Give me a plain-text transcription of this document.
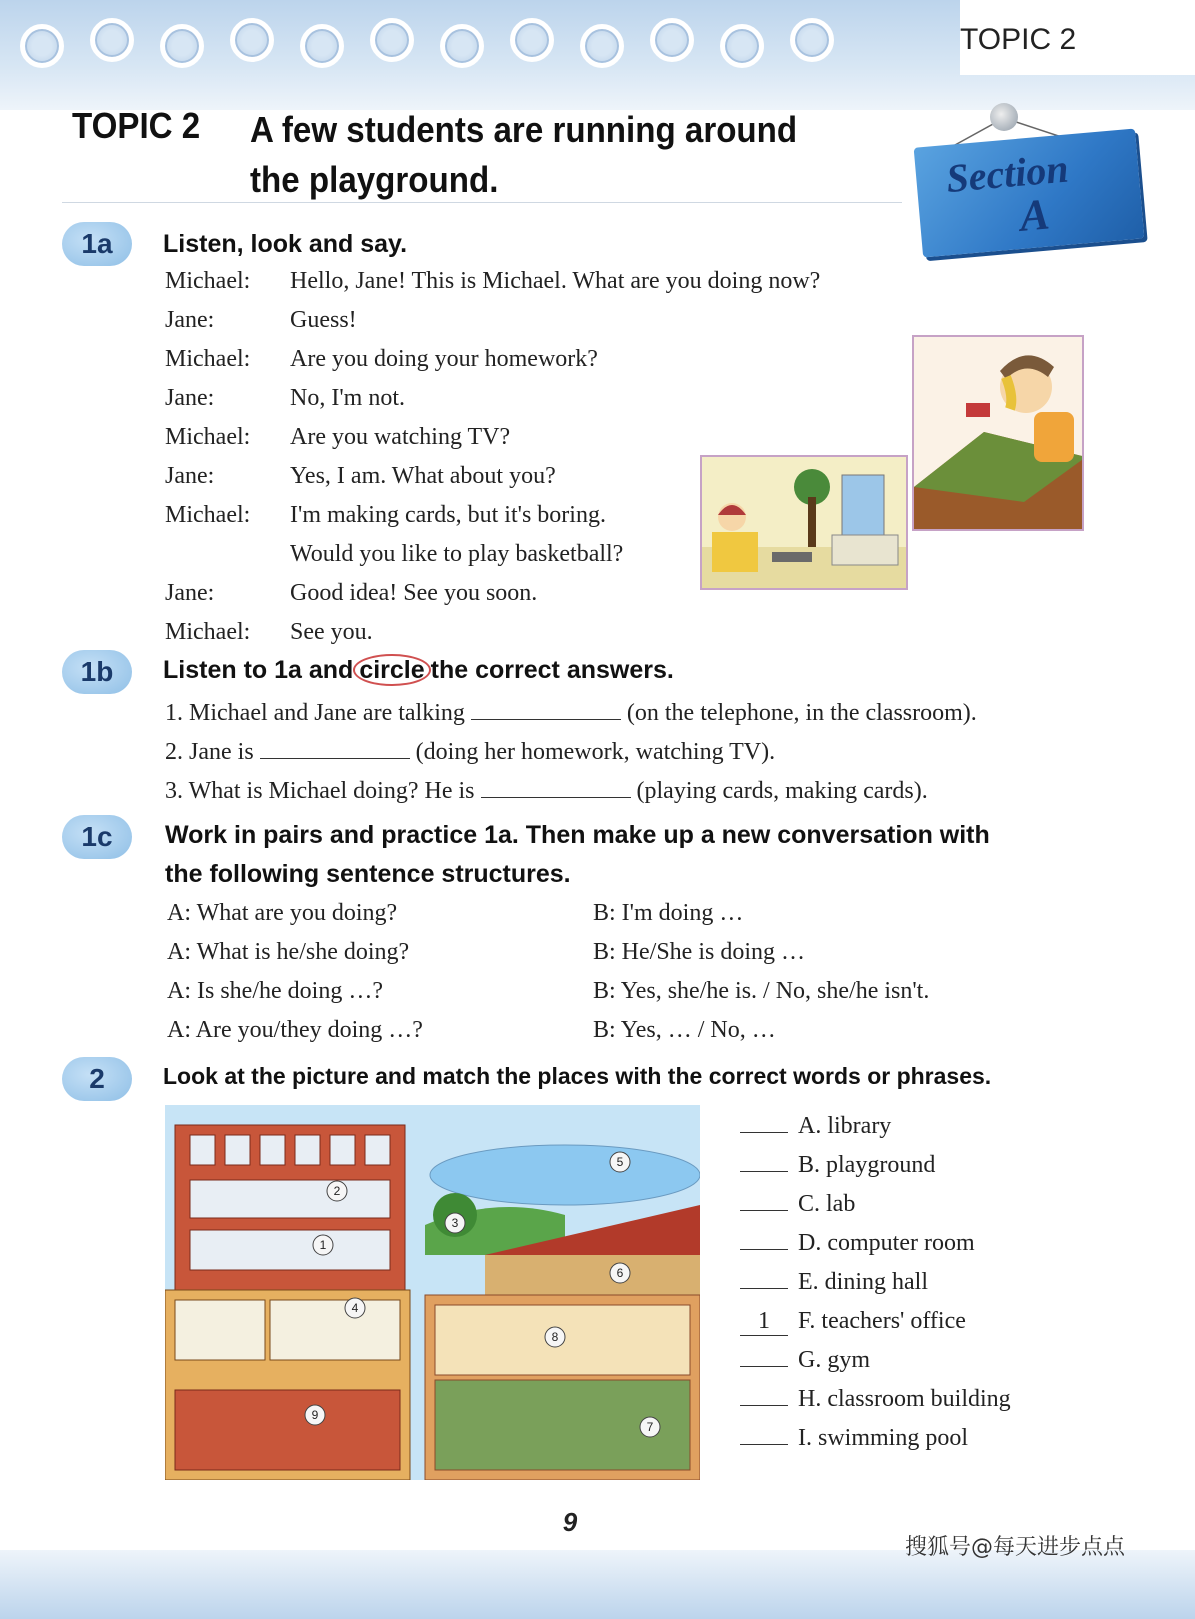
TOPIC 2
TOPIC 2 A few students are running around the playground.	Section
A
1a	Listen, look and say.
Michael: Hello, Jane! This is Michael. What are you doing now?
Jane:	Guess!
Michael: Are you doing your homework?
Jane:	No, I'm not.
Michael: Are you watching TV?
Jane:	Yes, I am. What about you?
Michael: I'm making cards, but it's boring.
Would you like to play basketball?
Jane:	Good idea! See you soon.
Michael: See you.
1b	Listen to 1a and circle the correct answers.
1. Michael and Jane are talking	(on the telephone, in the classroom).
2. Jane is	(doing her homework, watching TV).
3. What is Michael doing? He is	(playing cards, making cards).
1c	Work in pairs and practice 1a. Then make up a new conversation with
the following sentence structures.
A: What are you doing?	B: I'm doing …
A: What is he/she doing?	B: He/She is doing …
A: Is she/he doing …?	B: Yes, she/he is. / No, she/he isn't.
A: Are you/they doing …?	B: Yes, … / No, …
2	Look at the picture and match the places with the correct words or phrases.
1
2
3
4
5
6
7
8
9
A. library
B. playground
C. lab
D. computer room
E. dining hall
1 F. teachers' office
G. gym
H. classroom building
I. swimming pool
9
搜狐号@每天进步点点
